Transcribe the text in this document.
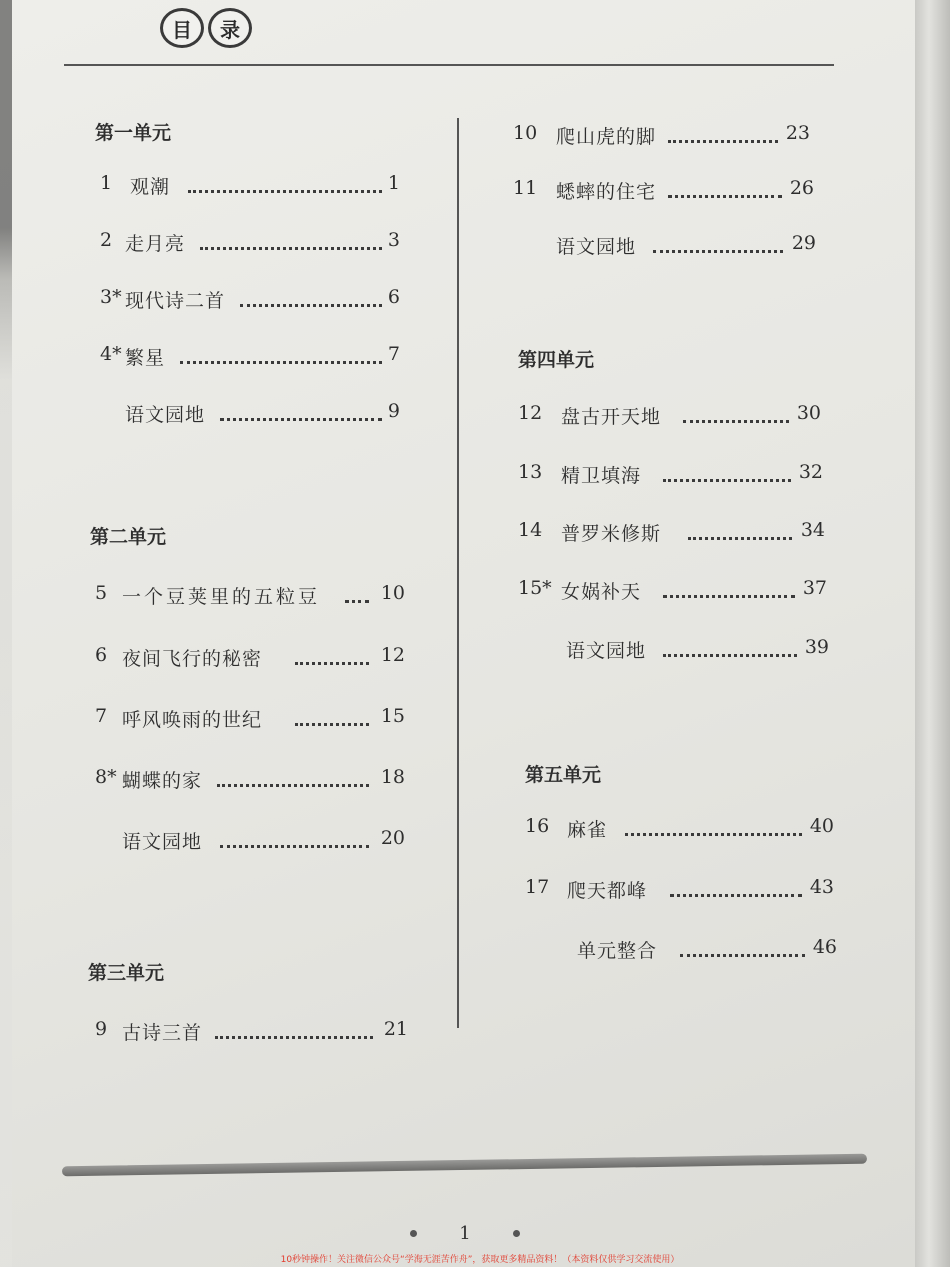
目	录
第一单元
1 观潮	1
2 走月亮	3
3* 现代诗二首	6
4* 繁星	7
语文园地	9
第二单元
5 一个豆荚里的五粒豆	10
6 夜间飞行的秘密	12
7 呼风唤雨的世纪	15
8* 蝴蝶的家	18
语文园地	20
第三单元
9 古诗三首	21
10 爬山虎的脚	23
11 蟋蟀的住宅	26
语文园地	29
第四单元
12 盘古开天地	30
13 精卫填海	32
14 普罗米修斯	34
15* 女娲补天	37
语文园地	39
第五单元
16 麻雀	40
17 爬天都峰	43
单元整合	46
1
10秒钟操作！关注微信公众号“学海无涯苦作舟”，获取更多精品资料！（本资料仅供学习交流使用）
